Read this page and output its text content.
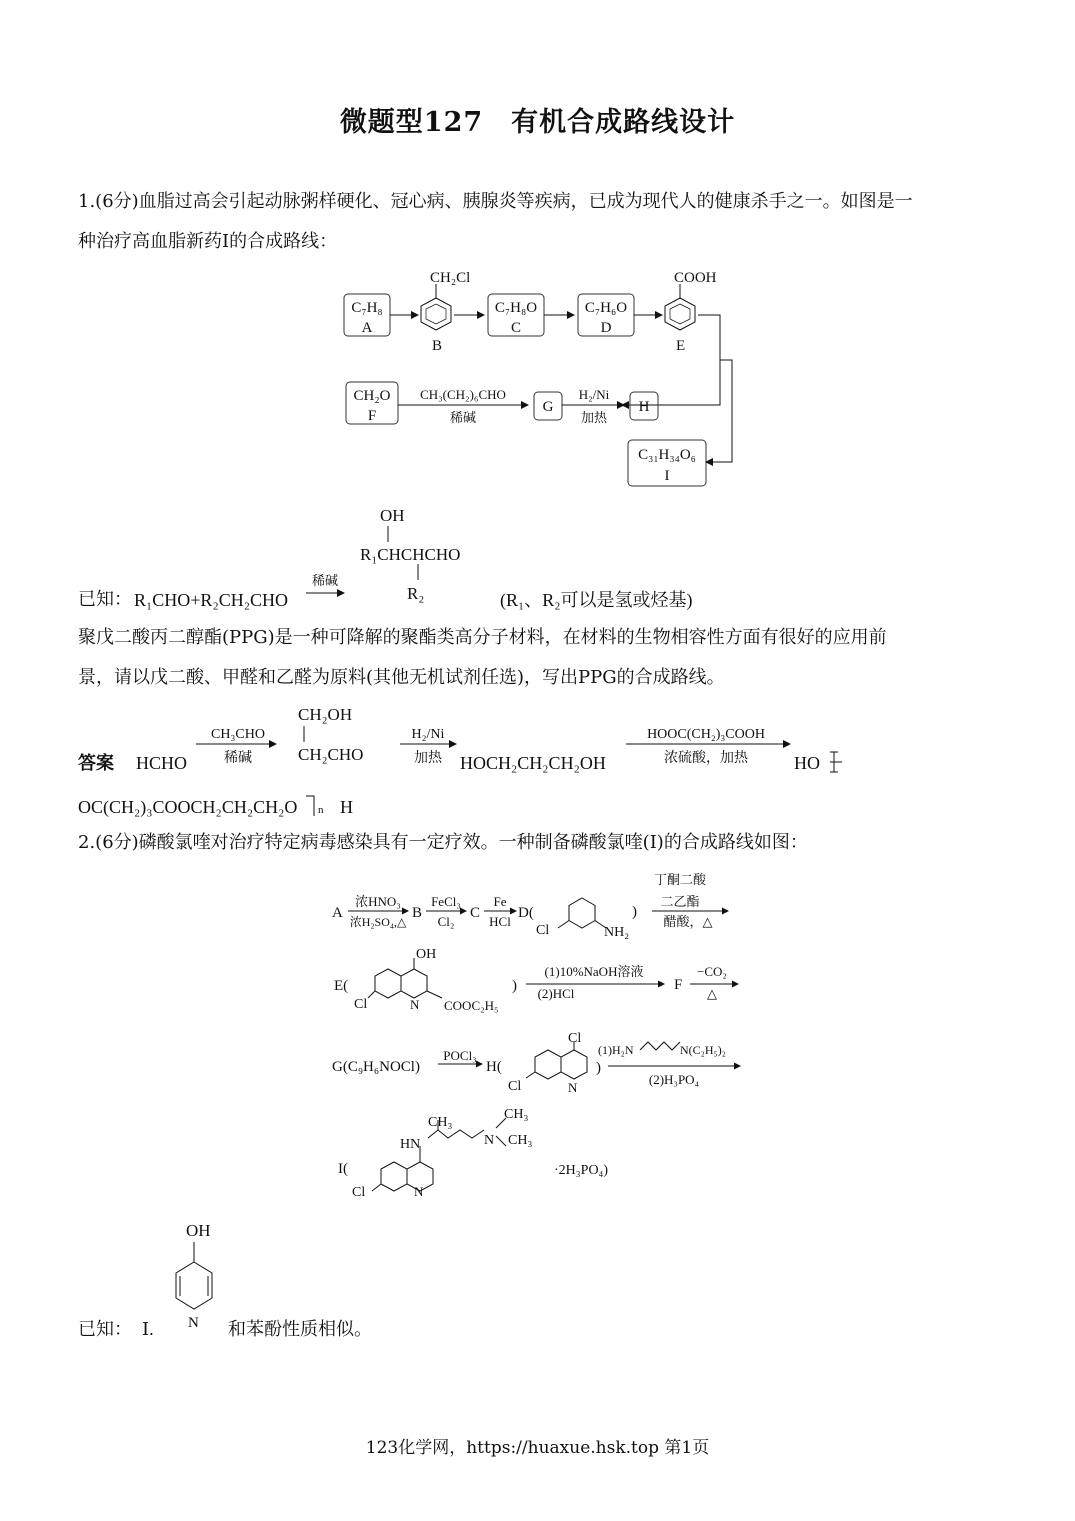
微题型127　有机合成路线设计
1.(6分)血脂过高会引起动脉粥样硬化、冠心病、胰腺炎等疾病，已成为现代人的健康杀手之一。如图是一
种治疗高血脂新药Ⅰ的合成路线：
C₇H₈
A
CH₂Cl
B
C₇H₈O
C
C₇H₆O
D
COOH
E
CH₂O
F
CH₃(CH₂)₆CHO
稀碱
G
H₂/Ni
加热
H
C₃₁H₃₄O₆
I
已知： R₁CHO+R₂CH₂CHO
稀碱
OH
R₁CHCHCHO
R₂	(R₁、R₂可以是氢或烃基)
聚戊二酸丙二醇酯(PPG)是一种可降解的聚酯类高分子材料，在材料的生物相容性方面有很好的应用前
景，请以戊二酸、甲醛和乙醛为原料(其他无机试剂任选)，写出PPG的合成路线。
答案 HCHO
CH₃CHO
稀碱
CH₂OH
CH₂CHO
H₂/Ni
加热 HOCH₂CH₂CH₂OH
HOOC(CH₂)₃COOH
浓硫酸，加热	HO
OC(CH₂)₃COOCH₂CH₂CH₂O n H
2.(6分)磷酸氯喹对治疗特定病毒感染具有一定疗效。一种制备磷酸氯喹(Ⅰ)的合成路线如图：
A
浓HNO₃
浓H₂SO₄,△
B
FeCl₃
Cl₂
C
Fe
HCl
D(
Cl	NH₂
)
丁酮二酸
二乙酯
醋酸，△
E(
OH
Cl	N COOC₂H₅
)
(1)10%NaOH溶液
(2)HCl
F
−CO₂
△
G(C₉H₆NOCl)
POCl₃
H(
Cl
Cl	N
)
(1)H₂N	N(C₂H₅)₂
(2)H₃PO₄
I(
CH₃
HN	N
CH₃
CH₃
Cl	N
·2H₃PO₄)
已知： Ⅰ.
OH
N 和苯酚性质相似。
123化学网，https://huaxue.hsk.top 第1页
